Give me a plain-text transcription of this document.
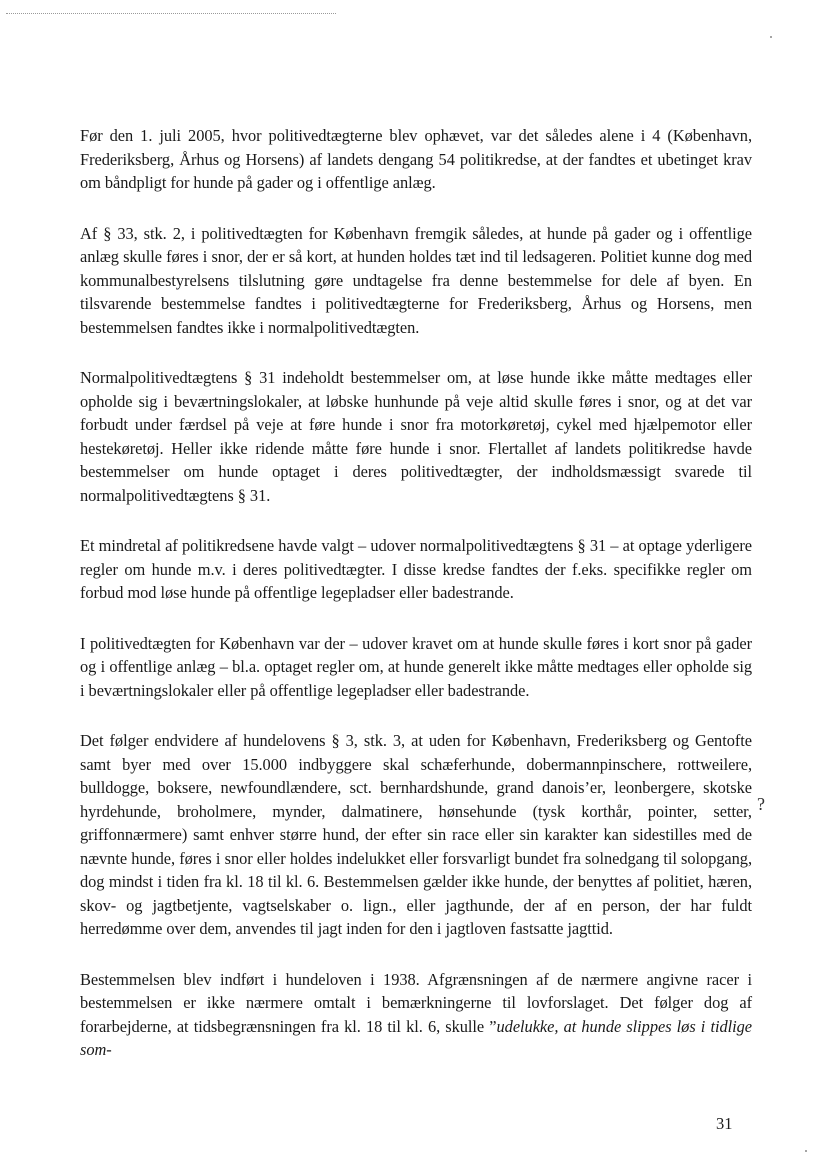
Før den 1. juli 2005, hvor politivedtægterne blev ophævet, var det således alene i 4 (København, Frederiksberg, Århus og Horsens) af landets dengang 54 politikredse, at der fandtes et ubetinget krav om båndpligt for hunde på gader og i offentlige anlæg.

Af § 33, stk. 2, i politivedtægten for København fremgik således, at hunde på gader og i offentlige anlæg skulle føres i snor, der er så kort, at hunden holdes tæt ind til ledsageren. Politiet kunne dog med kommunalbestyrelsens tilslutning gøre undtagelse fra denne bestemmelse for dele af byen. En tilsvarende bestemmelse fandtes i politivedtægterne for Frederiksberg, Århus og Horsens, men bestemmelsen fandtes ikke i normalpolitivedtægten.

Normalpolitivedtægtens § 31 indeholdt bestemmelser om, at løse hunde ikke måtte medtages eller opholde sig i beværtningslokaler, at løbske hunhunde på veje altid skulle føres i snor, og at det var forbudt under færdsel på veje at føre hunde i snor fra motorkøretøj, cykel med hjælpemotor eller hestekøretøj. Heller ikke ridende måtte føre hunde i snor. Flertallet af landets politikredse havde bestemmelser om hunde optaget i deres politivedtægter, der indholdsmæssigt svarede til normalpolitivedtægtens § 31.

Et mindretal af politikredsene havde valgt – udover normalpolitivedtægtens § 31 – at optage yderligere regler om hunde m.v. i deres politivedtægter. I disse kredse fandtes der f.eks. specifikke regler om forbud mod løse hunde på offentlige legepladser eller badestrande.

I politivedtægten for København var der – udover kravet om at hunde skulle føres i kort snor på gader og i offentlige anlæg – bl.a. optaget regler om, at hunde generelt ikke måtte medtages eller opholde sig i beværtningslokaler eller på offentlige legepladser eller badestrande.

Det følger endvidere af hundelovens § 3, stk. 3, at uden for København, Frederiksberg og Gentofte samt byer med over 15.000 indbyggere skal schæferhunde, dobermannpinschere, rottweilere, bulldogge, boksere, newfoundlændere, sct. bernhardshunde, grand danois’er, leonbergere, skotske hyrdehunde, broholmere, mynder, dalmatinere, hønsehunde (tysk korthår, pointer, setter, griffonnærmere) samt enhver større hund, der efter sin race eller sin karakter kan sidestilles med de nævnte hunde, føres i snor eller holdes indelukket eller forsvarligt bundet fra solnedgang til solopgang, dog mindst i tiden fra kl. 18 til kl. 6. Bestemmelsen gælder ikke hunde, der benyttes af politiet, hæren, skov- og jagtbetjente, vagtselskaber o. lign., eller jagthunde, der af en person, der har fuldt herredømme over dem, anvendes til jagt inden for den i jagtloven fastsatte jagttid.

Bestemmelsen blev indført i hundeloven i 1938. Afgrænsningen af de nærmere angivne racer i bestemmelsen er ikke nærmere omtalt i bemærkningerne til lovforslaget. Det følger dog af forarbejderne, at tidsbegrænsningen fra kl. 18 til kl. 6, skulle ”udelukke, at hunde slippes løs i tidlige som-

?
31
